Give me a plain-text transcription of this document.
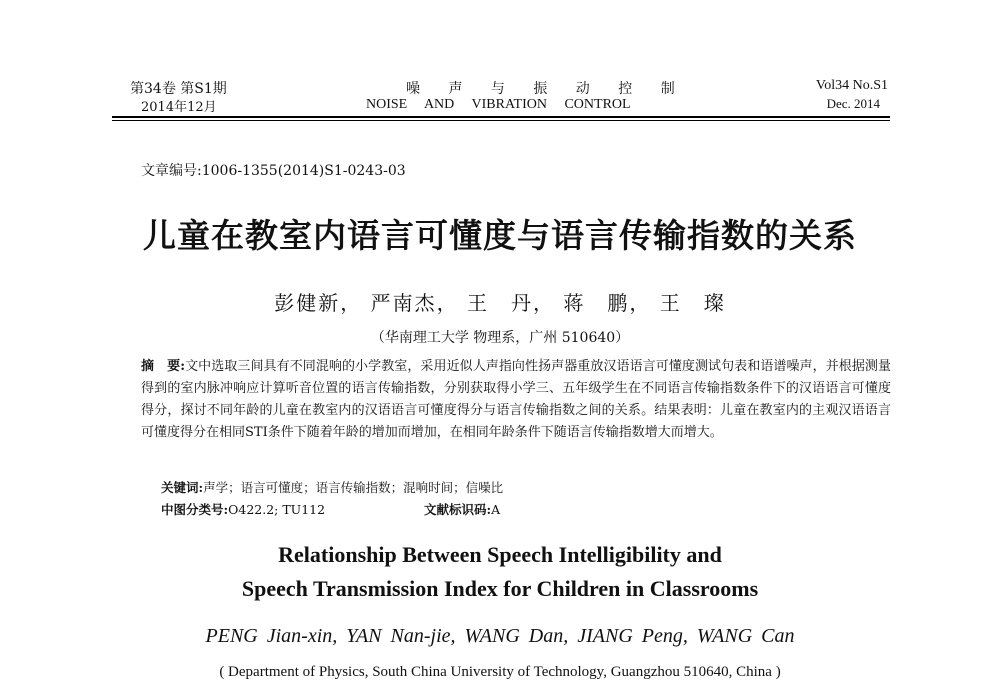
第34卷 第S1期
2014年12月
噪 声 与 振 动 控 制
NOISE AND VIBRATION CONTROL
Vol34 No.S1
Dec. 2014
文章编号:1006-1355(2014)S1-0243-03
儿童在教室内语言可懂度与语言传输指数的关系
彭健新， 严南杰， 王　丹， 蒋　鹏， 王　璨
（华南理工大学 物理系，广州 510640）
摘　要:文中选取三间具有不同混响的小学教室，采用近似人声指向性扬声器重放汉语语言可懂度测试句表和语谱噪声，并根据测量得到的室内脉冲响应计算听音位置的语言传输指数，分别获取得小学三、五年级学生在不同语言传输指数条件下的汉语语言可懂度得分，探讨不同年龄的儿童在教室内的汉语语言可懂度得分与语言传输指数之间的关系。结果表明：儿童在教室内的主观汉语语言可懂度得分在相同STI条件下随着年龄的增加而增加，在相同年龄条件下随语言传输指数增大而增大。
关键词:声学；语言可懂度；语言传输指数；混响时间；信噪比
中图分类号:O422.2; TU112	文献标识码:A
Relationship Between Speech Intelligibility and
Speech Transmission Index for Children in Classrooms
PENG Jian-xin, YAN Nan-jie, WANG Dan, JIANG Peng, WANG Can
( Department of Physics, South China University of Technology, Guangzhou 510640, China )
